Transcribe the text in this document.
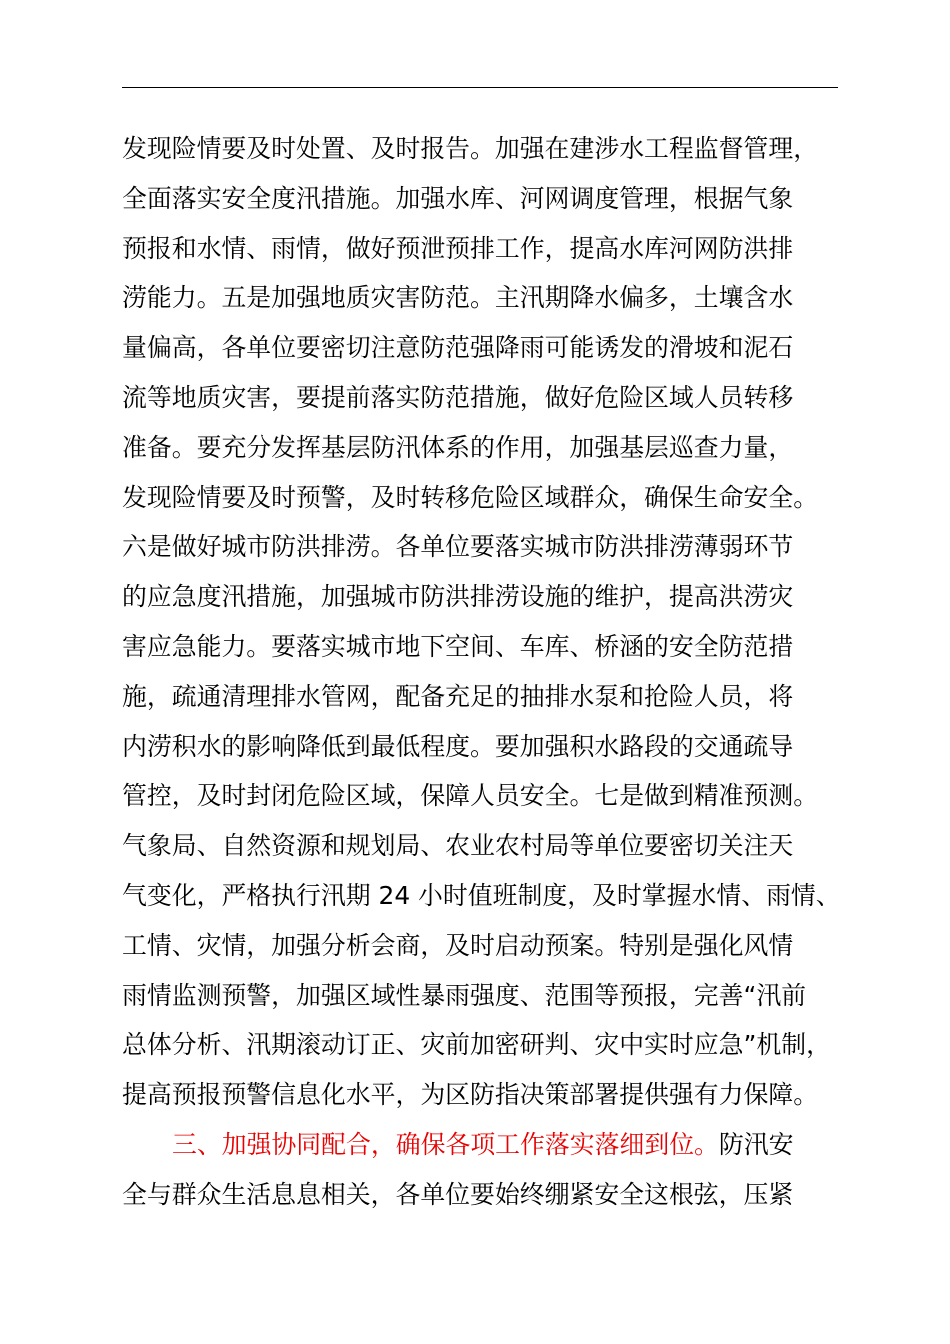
发现险情要及时处置、及时报告。加强在建涉水工程监督管理，
全面落实安全度汛措施。加强水库、河网调度管理，根据气象
预报和水情、雨情，做好预泄预排工作，提高水库河网防洪排
涝能力。五是加强地质灾害防范。主汛期降水偏多，土壤含水
量偏高，各单位要密切注意防范强降雨可能诱发的滑坡和泥石
流等地质灾害，要提前落实防范措施，做好危险区域人员转移
准备。要充分发挥基层防汛体系的作用，加强基层巡查力量，
发现险情要及时预警，及时转移危险区域群众，确保生命安全。
六是做好城市防洪排涝。各单位要落实城市防洪排涝薄弱环节
的应急度汛措施，加强城市防洪排涝设施的维护，提高洪涝灾
害应急能力。要落实城市地下空间、车库、桥涵的安全防范措
施，疏通清理排水管网，配备充足的抽排水泵和抢险人员，将
内涝积水的影响降低到最低程度。要加强积水路段的交通疏导
管控，及时封闭危险区域，保障人员安全。七是做到精准预测。
气象局、自然资源和规划局、农业农村局等单位要密切关注天
气变化，严格执行汛期 24 小时值班制度，及时掌握水情、雨情、
工情、灾情，加强分析会商，及时启动预案。特别是强化风情
雨情监测预警，加强区域性暴雨强度、范围等预报，完善“汛前
总体分析、汛期滚动订正、灾前加密研判、灾中实时应急”机制，
提高预报预警信息化水平，为区防指决策部署提供强有力保障。
三、加强协同配合，确保各项工作落实落细到位。防汛安
全与群众生活息息相关，各单位要始终绷紧安全这根弦，压紧
